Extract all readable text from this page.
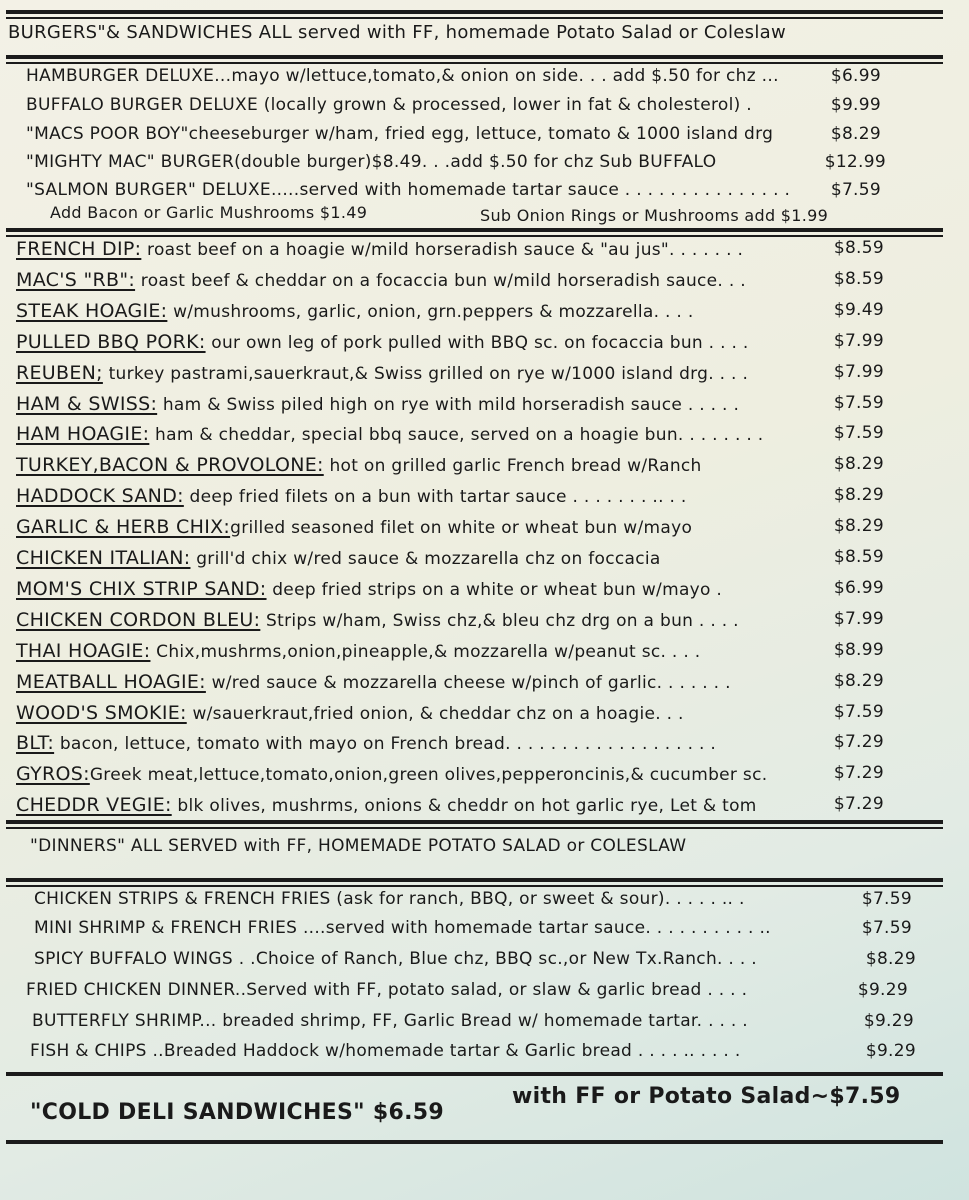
BURGERS"& SANDWICHES ALL served with FF, homemade Potato Salad or Coleslaw
HAMBURGER DELUXE...mayo w/lettuce,tomato,& onion on side. . . add $.50 for chz ...	$6.99
BUFFALO BURGER DELUXE (locally grown & processed, lower in fat & cholesterol) .	$9.99
"MACS POOR BOY"cheeseburger w/ham, fried egg, lettuce, tomato & 1000 island drg	$8.29
"MIGHTY MAC" BURGER(double burger)$8.49. . .add $.50 for chz Sub BUFFALO	$12.99
"SALMON BURGER" DELUXE.....served with homemade tartar sauce . . . . . . . . . . . . . . . $7.59
Add Bacon or Garlic Mushrooms $1.49	Sub Onion Rings or Mushrooms add $1.99
FRENCH DIP: roast beef on a hoagie w/mild horseradish sauce & "au jus". . . . . . .	$8.59
MAC'S "RB": roast beef & cheddar on a focaccia bun w/mild horseradish sauce. . .	$8.59
STEAK HOAGIE: w/mushrooms, garlic, onion, grn.peppers & mozzarella. . . .	$9.49
PULLED BBQ PORK: our own leg of pork pulled with BBQ sc. on focaccia bun . . . .	$7.99
REUBEN; turkey pastrami,sauerkraut,& Swiss grilled on rye w/1000 island drg. . . .	$7.99
HAM & SWISS: ham & Swiss piled high on rye with mild horseradish sauce . . . . .	$7.59
HAM HOAGIE: ham & cheddar, special bbq sauce, served on a hoagie bun. . . . . . . .	$7.59
TURKEY,BACON & PROVOLONE: hot on grilled garlic French bread w/Ranch	$8.29
HADDOCK SAND: deep fried filets on a bun with tartar sauce . . . . . . . .. . .	$8.29
GARLIC & HERB CHIX:grilled seasoned filet on white or wheat bun w/mayo	$8.29
CHICKEN ITALIAN: grill'd chix w/red sauce & mozzarella chz on foccacia	$8.59
MOM'S CHIX STRIP SAND: deep fried strips on a white or wheat bun w/mayo .	$6.99
CHICKEN CORDON BLEU: Strips w/ham, Swiss chz,& bleu chz drg on a bun . . . .	$7.99
THAI HOAGIE: Chix,mushrms,onion,pineapple,& mozzarella w/peanut sc. . . .	$8.99
MEATBALL HOAGIE: w/red sauce & mozzarella cheese w/pinch of garlic. . . . . . .	$8.29
WOOD'S SMOKIE: w/sauerkraut,fried onion, & cheddar chz on a hoagie. . .	$7.59
BLT: bacon, lettuce, tomato with mayo on French bread. . . . . . . . . . . . . . . . . . .	$7.29
GYROS:Greek meat,lettuce,tomato,onion,green olives,pepperoncinis,& cucumber sc.	$7.29
CHEDDR VEGIE: blk olives, mushrms, onions & cheddr on hot garlic rye, Let & tom	$7.29
"DINNERS" ALL SERVED with FF, HOMEMADE POTATO SALAD or COLESLAW
CHICKEN STRIPS & FRENCH FRIES (ask for ranch, BBQ, or sweet & sour). . . . . .. .	$7.59
MINI SHRIMP & FRENCH FRIES ....served with homemade tartar sauce. . . . . . . . . . ..	$7.59
SPICY BUFFALO WINGS . .Choice of Ranch, Blue chz, BBQ sc.,or New Tx.Ranch. . . .	$8.29
FRIED CHICKEN DINNER..Served with FF, potato salad, or slaw & garlic bread . . . .	$9.29
BUTTERFLY SHRIMP... breaded shrimp, FF, Garlic Bread w/ homemade tartar. . . . .	$9.29
FISH & CHIPS ..Breaded Haddock w/homemade tartar & Garlic bread . . . . .. . . . .	$9.29
"COLD DELI SANDWICHES" $6.59
with FF or Potato Salad~$7.59
